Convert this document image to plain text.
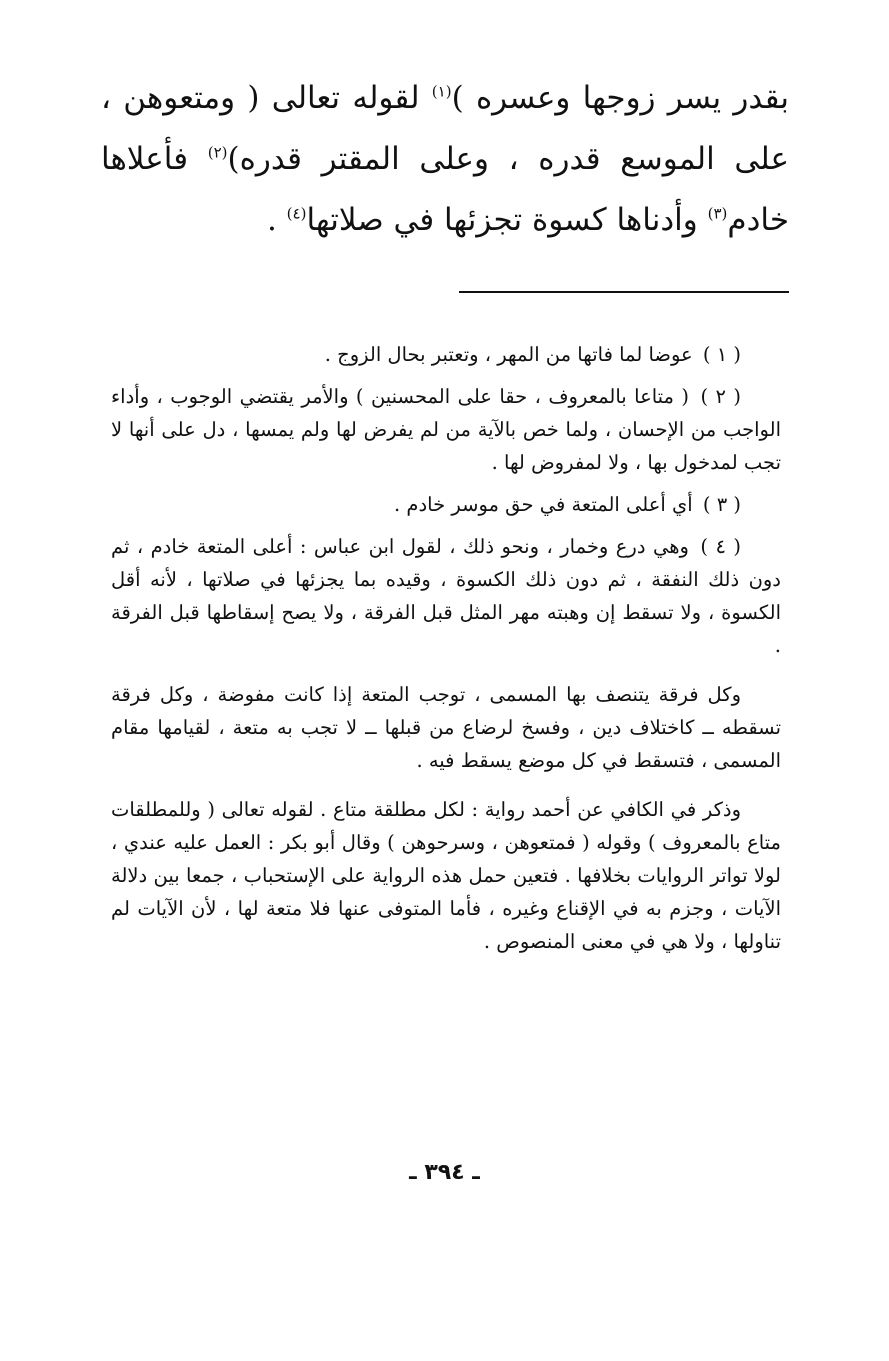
بقدر يسر زوجها وعسره )$^{(١)}$ لقوله تعالى ( ومتعوهن ، على الموسع قدره ، وعلى المقتر قدره)$^{(٢)}$ فأعلاها خادم$^{(٣)}$ وأدناها كسوة تجزئها في صلاتها$^{(٤)}$ .

( ١ ) عوضا لما فاتها من المهر ، وتعتبر بحال الزوج .

( ٢ ) ( متاعا بالمعروف ، حقا على المحسنين ) والأمر يقتضي الوجوب ، وأداء الواجب من الإحسان ، ولما خص بالآية من لم يفرض لها ولم يمسها ، دل على أنها لا تجب لمدخول بها ، ولا لمفروض لها .

( ٣ ) أي أعلى المتعة في حق موسر خادم .

( ٤ ) وهي درع وخمار ، ونحو ذلك ، لقول ابن عباس : أعلى المتعة خادم ، ثم دون ذلك النفقة ، ثم دون ذلك الكسوة ، وقيده بما يجزئها في صلاتها ، لأنه أقل الكسوة ، ولا تسقط إن وهبته مهر المثل قبل الفرقة ، ولا يصح إسقاطها قبل الفرقة .

وكل فرقة يتنصف بها المسمى ، توجب المتعة إذا كانت مفوضة ، وكل فرقة تسقطه ــ كاختلاف دين ، وفسخ لرضاع من قبلها ــ لا تجب به متعة ، لقيامها مقام المسمى ، فتسقط في كل موضع يسقط فيه .

وذكر في الكافي عن أحمد رواية : لكل مطلقة متاع . لقوله تعالى ( وللمطلقات متاع بالمعروف ) وقوله ( فمتعوهن ، وسرحوهن ) وقال أبو بكر : العمل عليه عندي ، لولا تواتر الروايات بخلافها . فتعين حمل هذه الرواية على الإستحباب ، جمعا بين دلالة الآيات ، وجزم به في الإقناع وغيره ، فأما المتوفى عنها فلا متعة لها ، لأن الآيات لم تناولها ، ولا هي في معنى المنصوص .

ـ ٣٩٤ ـ
